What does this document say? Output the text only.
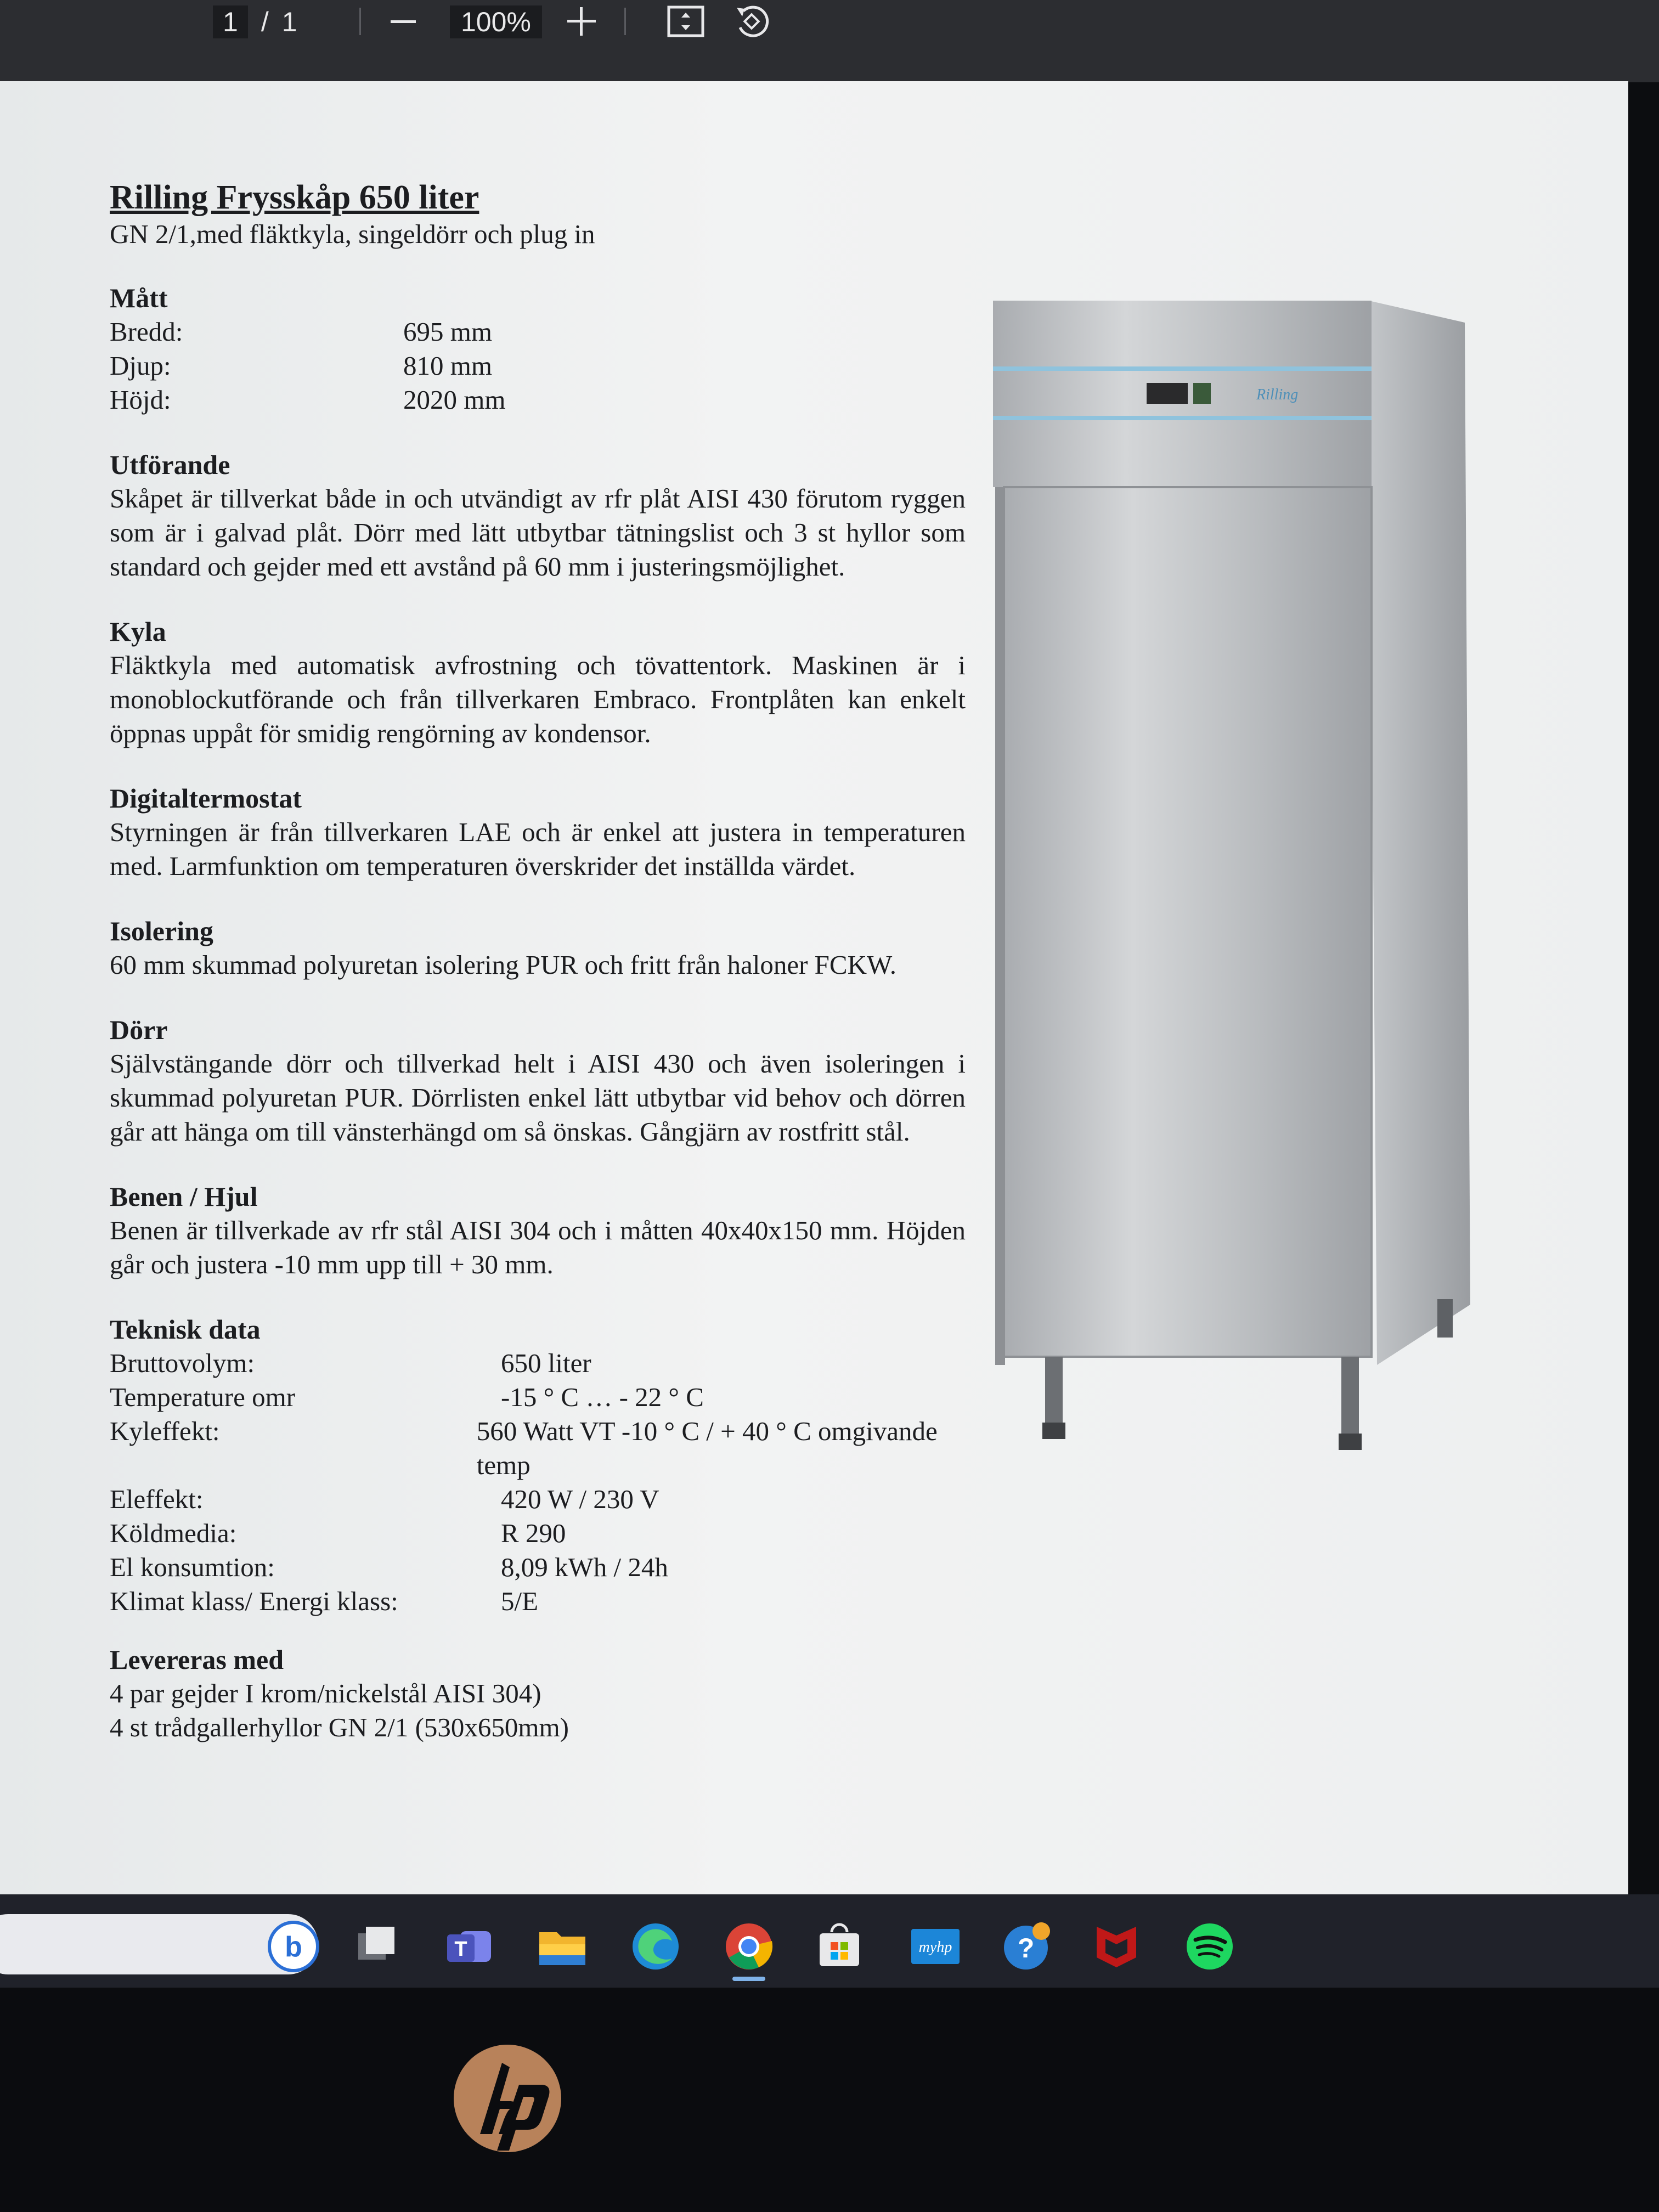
1 / 1	100%
Rilling Frysskåp 650 liter
GN 2/1,med fläktkyla, singeldörr och plug in
Mått
Bredd:	695 mm
Djup:	810 mm
Höjd:	2020 mm
Utförande
Skåpet är tillverkat både in och utvändigt av rfr plåt AISI 430 förutom ryggen som är i galvad plåt. Dörr med lätt utbytbar tätningslist och 3 st hyllor som standard och gejder med ett avstånd på 60 mm i justeringsmöjlighet.
Kyla
Fläktkyla med automatisk avfrostning och tövattentork. Maskinen är i monoblockutförande och från tillverkaren Embraco. Frontplåten kan enkelt öppnas uppåt för smidig rengörning av kondensor.
Digitaltermostat
Styrningen är från tillverkaren LAE och är enkel att justera in temperaturen med. Larmfunktion om temperaturen överskrider det inställda värdet.
Isolering
60 mm skummad polyuretan isolering PUR och fritt från haloner FCKW.
Dörr
Självstängande dörr och tillverkad helt i AISI 430 och även isoleringen i skummad polyuretan PUR. Dörrlisten enkel lätt utbytbar vid behov och dörren går att hänga om till vänsterhängd om så önskas. Gångjärn av rostfritt stål.
Benen / Hjul
Benen är tillverkade av rfr stål AISI 304 och i måtten 40x40x150 mm. Höjden går och justera -10 mm upp till + 30 mm.
Teknisk data
Bruttovolym:	650 liter
Temperature omr	-15 ° C … - 22 ° C
Kyleffekt:	560 Watt VT -10 ° C / + 40 ° C omgivande temp
Eleffekt:	420 W / 230 V
Köldmedia:	R 290
El konsumtion:	8,09 kWh / 24h
Klimat klass/ Energi klass:	5/E
Levereras med
4 par gejder I krom/nickelstål AISI 304)
4 st trådgallerhyllor GN 2/1 (530x650mm)
Rilling
b	T	myhp ?
